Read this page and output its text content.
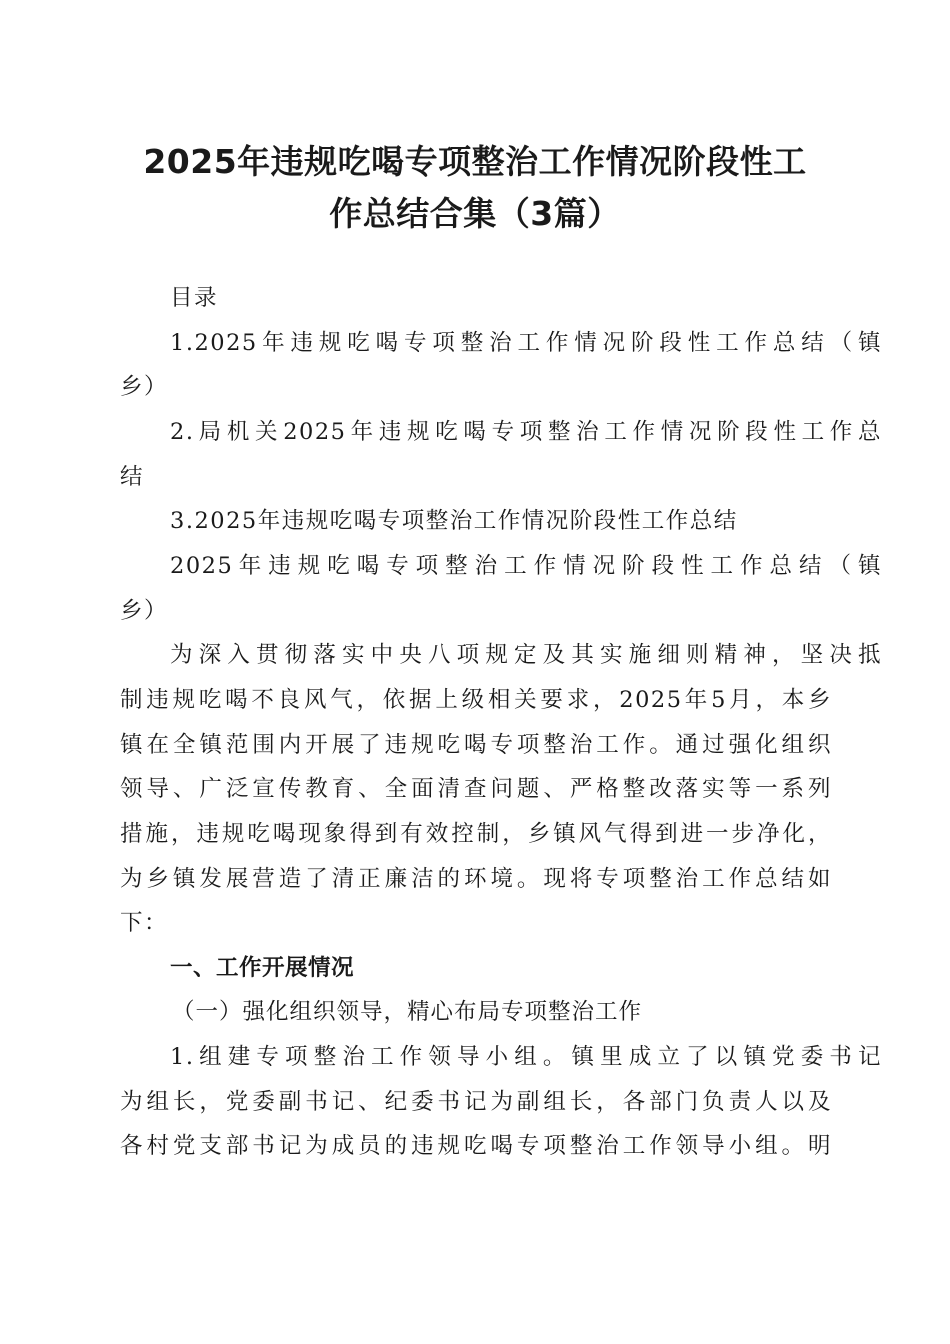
2025年违规吃喝专项整治工作情况阶段性工
作总结合集（3篇）
目录
1.2025年违规吃喝专项整治工作情况阶段性工作总结（镇
乡）
2.局机关2025年违规吃喝专项整治工作情况阶段性工作总
结
3.2025年违规吃喝专项整治工作情况阶段性工作总结
2025年违规吃喝专项整治工作情况阶段性工作总结（镇
乡）
为深入贯彻落实中央八项规定及其实施细则精神，坚决抵
制违规吃喝不良风气，依据上级相关要求，2025年5月，本乡
镇在全镇范围内开展了违规吃喝专项整治工作。通过强化组织
领导、广泛宣传教育、全面清查问题、严格整改落实等一系列
措施，违规吃喝现象得到有效控制，乡镇风气得到进一步净化，
为乡镇发展营造了清正廉洁的环境。现将专项整治工作总结如
下：
一、工作开展情况
（一）强化组织领导，精心布局专项整治工作
1.组建专项整治工作领导小组。镇里成立了以镇党委书记
为组长，党委副书记、纪委书记为副组长，各部门负责人以及
各村党支部书记为成员的违规吃喝专项整治工作领导小组。明
